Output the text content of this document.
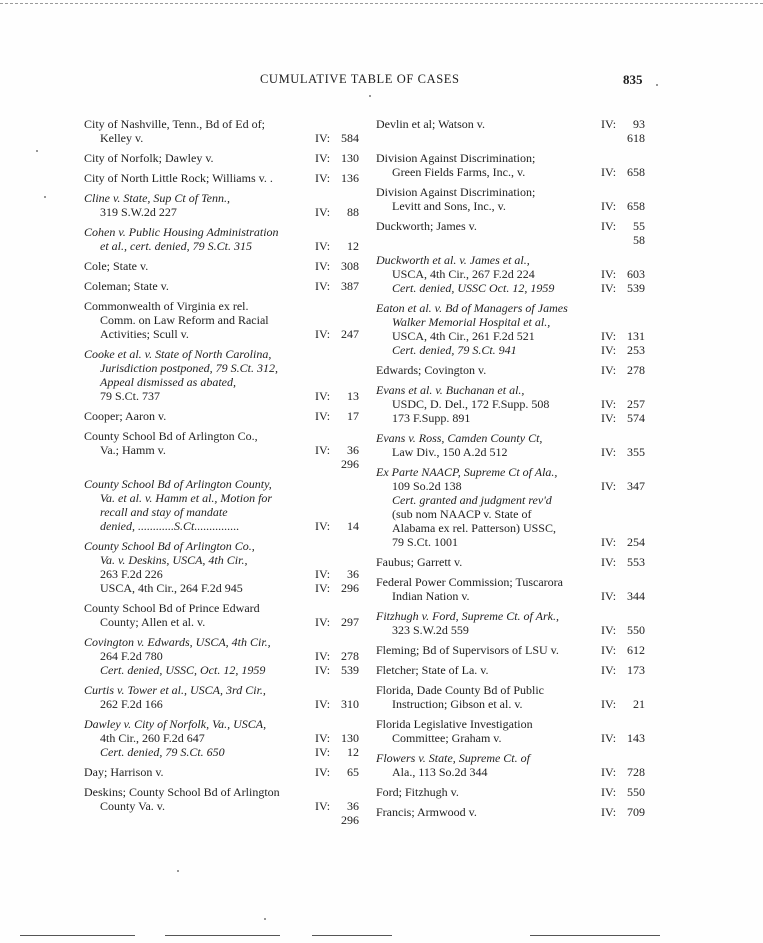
CUMULATIVE TABLE OF CASES	835
City of Nashville, Tenn., Bd of Ed of;
Kelley v.	IV: 584
City of Norfolk; Dawley v.	IV: 130
City of North Little Rock; Williams v. .	IV: 136
Cline v. State, Sup Ct of Tenn.,
319 S.W.2d 227	IV: 88
Cohen v. Public Housing Administration
et al., cert. denied, 79 S.Ct. 315	IV: 12
Cole; State v.	IV: 308
Coleman; State v.	IV: 387
Commonwealth of Virginia ex rel.
Comm. on Law Reform and Racial
Activities; Scull v.	IV: 247
Cooke et al. v. State of North Carolina,
Jurisdiction postponed, 79 S.Ct. 312,
Appeal dismissed as abated,
79 S.Ct. 737	IV: 13
Cooper; Aaron v.	IV: 17
County School Bd of Arlington Co.,
Va.; Hamm v.	IV: 36
296
County School Bd of Arlington County,
Va. et al. v. Hamm et al., Motion for
recall and stay of mandate
denied, ............S.Ct...............	IV: 14
County School Bd of Arlington Co.,
Va. v. Deskins, USCA, 4th Cir.,
263 F.2d 226	IV: 36
USCA, 4th Cir., 264 F.2d 945	IV: 296
County School Bd of Prince Edward
County; Allen et al. v.	IV: 297
Covington v. Edwards, USCA, 4th Cir.,
264 F.2d 780	IV: 278
Cert. denied, USSC, Oct. 12, 1959	IV: 539
Curtis v. Tower et al., USCA, 3rd Cir.,
262 F.2d 166	IV: 310
Dawley v. City of Norfolk, Va., USCA,
4th Cir., 260 F.2d 647	IV: 130
Cert. denied, 79 S.Ct. 650	IV: 12
Day; Harrison v.	IV: 65
Deskins; County School Bd of Arlington
County Va. v.	IV: 36
296
Devlin et al; Watson v.	IV: 93
618
Division Against Discrimination;
Green Fields Farms, Inc., v.	IV: 658
Division Against Discrimination;
Levitt and Sons, Inc., v.	IV: 658
Duckworth; James v.	IV: 55
58
Duckworth et al. v. James et al.,
USCA, 4th Cir., 267 F.2d 224	IV: 603
Cert. denied, USSC Oct. 12, 1959	IV: 539
Eaton et al. v. Bd of Managers of James
Walker Memorial Hospital et al.,
USCA, 4th Cir., 261 F.2d 521	IV: 131
Cert. denied, 79 S.Ct. 941	IV: 253
Edwards; Covington v.	IV: 278
Evans et al. v. Buchanan et al.,
USDC, D. Del., 172 F.Supp. 508	IV: 257
173 F.Supp. 891	IV: 574
Evans v. Ross, Camden County Ct,
Law Div., 150 A.2d 512	IV: 355
Ex Parte NAACP, Supreme Ct of Ala.,
109 So.2d 138	IV: 347
Cert. granted and judgment rev'd
(sub nom NAACP v. State of
Alabama ex rel. Patterson) USSC,
79 S.Ct. 1001	IV: 254
Faubus; Garrett v.	IV: 553
Federal Power Commission; Tuscarora
Indian Nation v.	IV: 344
Fitzhugh v. Ford, Supreme Ct. of Ark.,
323 S.W.2d 559	IV: 550
Fleming; Bd of Supervisors of LSU v.	IV: 612
Fletcher; State of La. v.	IV: 173
Florida, Dade County Bd of Public
Instruction; Gibson et al. v.	IV: 21
Florida Legislative Investigation
Committee; Graham v.	IV: 143
Flowers v. State, Supreme Ct. of
Ala., 113 So.2d 344	IV: 728
Ford; Fitzhugh v.	IV: 550
Francis; Armwood v.	IV: 709
